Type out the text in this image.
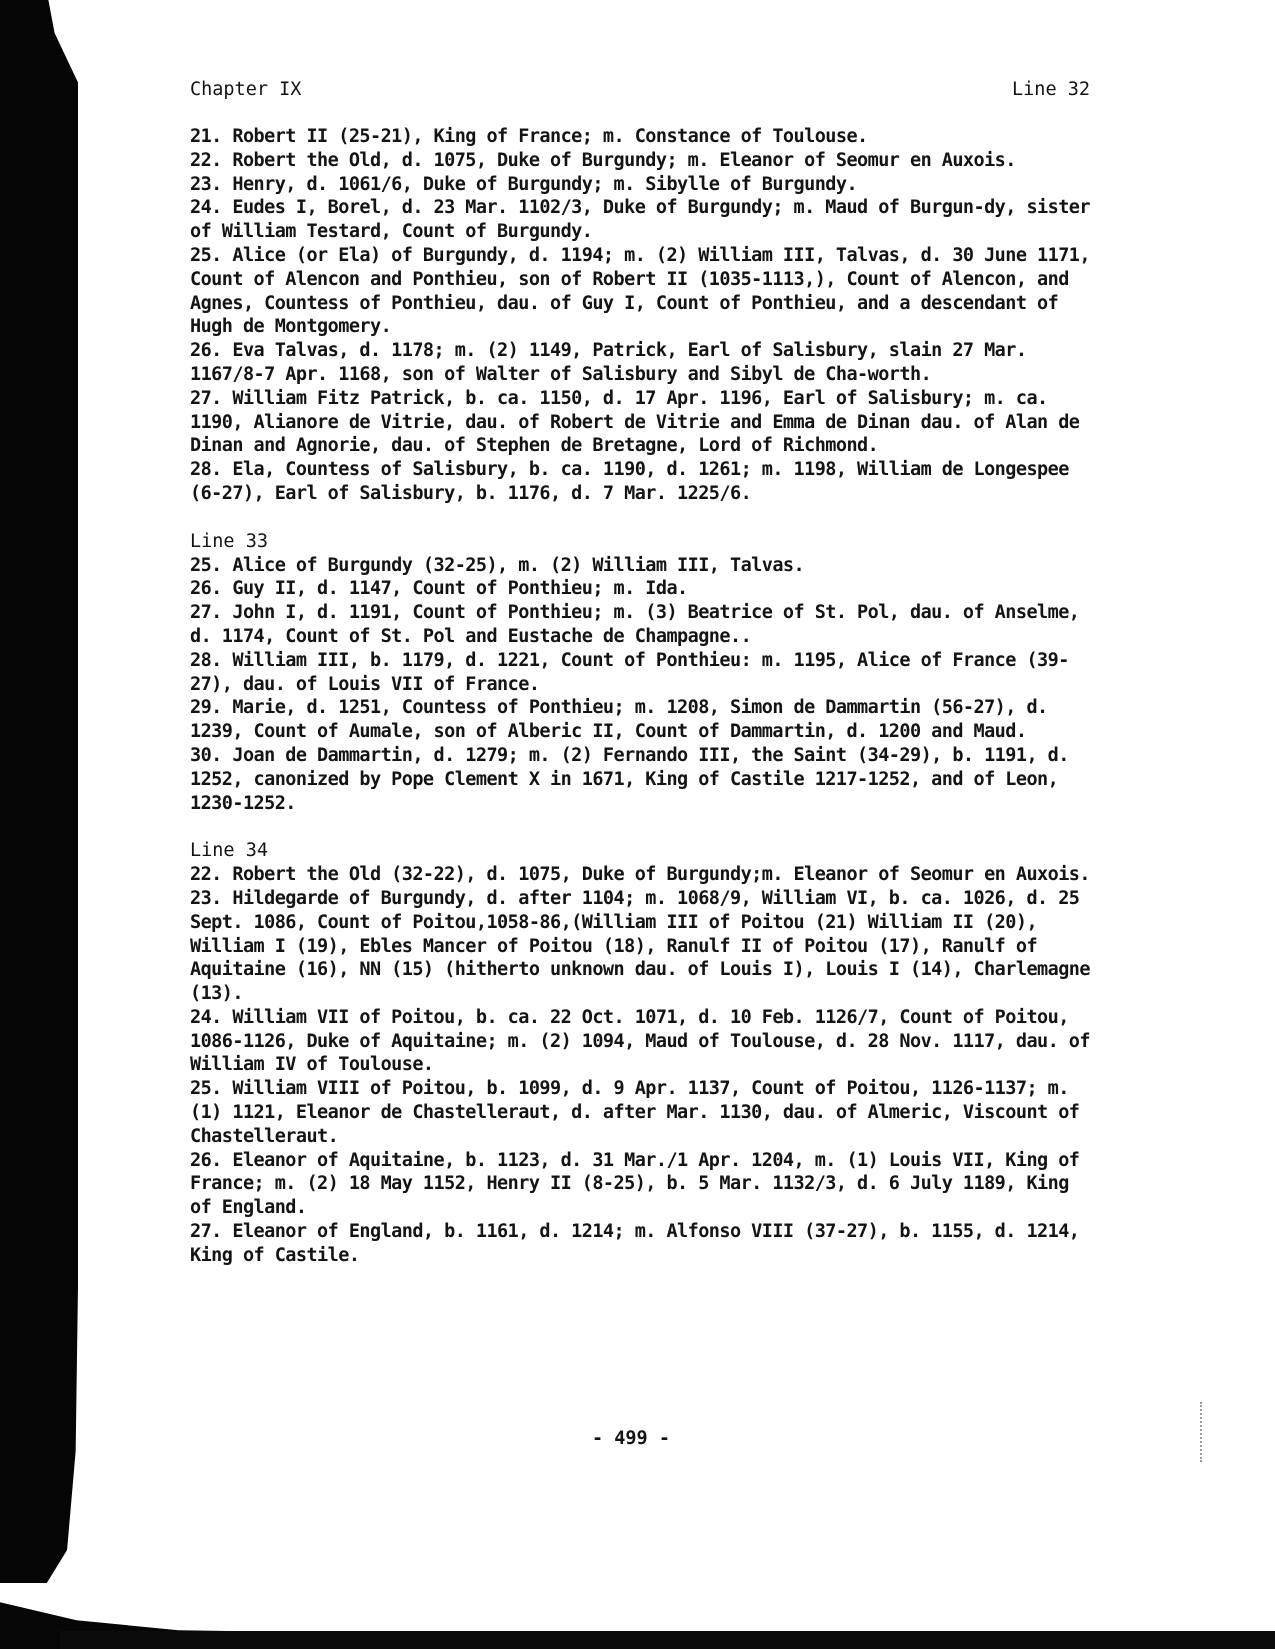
Chapter IX	Line 32
21. Robert II (25-21), King of France; m. Constance of Toulouse.
22. Robert the Old, d. 1075, Duke of Burgundy; m. Eleanor of Seomur en Auxois.
23. Henry, d. 1061/6, Duke of Burgundy; m. Sibylle of Burgundy.
24. Eudes I, Borel, d. 23 Mar. 1102/3, Duke of Burgundy; m. Maud of Burgun-dy, sister of William Testard, Count of Burgundy.
25. Alice (or Ela) of Burgundy, d. 1194; m. (2) William III, Talvas, d. 30 June 1171, Count of Alencon and Ponthieu, son of Robert II (1035-1113,), Count of Alencon, and Agnes, Countess of Ponthieu, dau. of Guy I, Count of Ponthieu, and a descendant of Hugh de Montgomery.
26. Eva Talvas, d. 1178; m. (2) 1149, Patrick, Earl of Salisbury, slain 27 Mar. 1167/8-7 Apr. 1168, son of Walter of Salisbury and Sibyl de Cha-worth.
27. William Fitz Patrick, b. ca. 1150, d. 17 Apr. 1196, Earl of Salisbury; m. ca. 1190, Alianore de Vitrie, dau. of Robert de Vitrie and Emma de Dinan dau. of Alan de Dinan and Agnorie, dau. of Stephen de Bretagne, Lord of Richmond.
28. Ela, Countess of Salisbury, b. ca. 1190, d. 1261; m. 1198, William de Longespee (6-27), Earl of Salisbury, b. 1176, d. 7 Mar. 1225/6.
Line 33
25. Alice of Burgundy (32-25), m. (2) William III, Talvas.
26. Guy II, d. 1147, Count of Ponthieu; m. Ida.
27. John I, d. 1191, Count of Ponthieu; m. (3) Beatrice of St. Pol, dau. of Anselme, d. 1174, Count of St. Pol and Eustache de Champagne..
28. William III, b. 1179, d. 1221, Count of Ponthieu: m. 1195, Alice of France (39-27), dau. of Louis VII of France.
29. Marie, d. 1251, Countess of Ponthieu; m. 1208, Simon de Dammartin (56-27), d. 1239, Count of Aumale, son of Alberic II, Count of Dammartin, d. 1200 and Maud.
30. Joan de Dammartin, d. 1279; m. (2) Fernando III, the Saint (34-29), b. 1191, d. 1252, canonized by Pope Clement X in 1671, King of Castile 1217-1252, and of Leon, 1230-1252.
Line 34
22. Robert the Old (32-22), d. 1075, Duke of Burgundy;m. Eleanor of Seomur en Auxois.
23. Hildegarde of Burgundy, d. after 1104; m. 1068/9, William VI, b. ca. 1026, d. 25 Sept. 1086, Count of Poitou,1058-86,(William III of Poitou (21) William II (20), William I (19), Ebles Mancer of Poitou (18), Ranulf II of Poitou (17), Ranulf of Aquitaine (16), NN (15) (hitherto unknown dau. of Louis I), Louis I (14), Charlemagne (13).
24. William VII of Poitou, b. ca. 22 Oct. 1071, d. 10 Feb. 1126/7, Count of Poitou, 1086-1126, Duke of Aquitaine; m. (2) 1094, Maud of Toulouse, d. 28 Nov. 1117, dau. of William IV of Toulouse.
25. William VIII of Poitou, b. 1099, d. 9 Apr. 1137, Count of Poitou, 1126-1137; m. (1) 1121, Eleanor de Chastelleraut, d. after Mar. 1130, dau. of Almeric, Viscount of Chastelleraut.
26. Eleanor of Aquitaine, b. 1123, d. 31 Mar./1 Apr. 1204, m. (1) Louis VII, King of France; m. (2) 18 May 1152, Henry II (8-25), b. 5 Mar. 1132/3, d. 6 July 1189, King of England.
27. Eleanor of England, b. 1161, d. 1214; m. Alfonso VIII (37-27), b. 1155, d. 1214, King of Castile.
- 499 -
